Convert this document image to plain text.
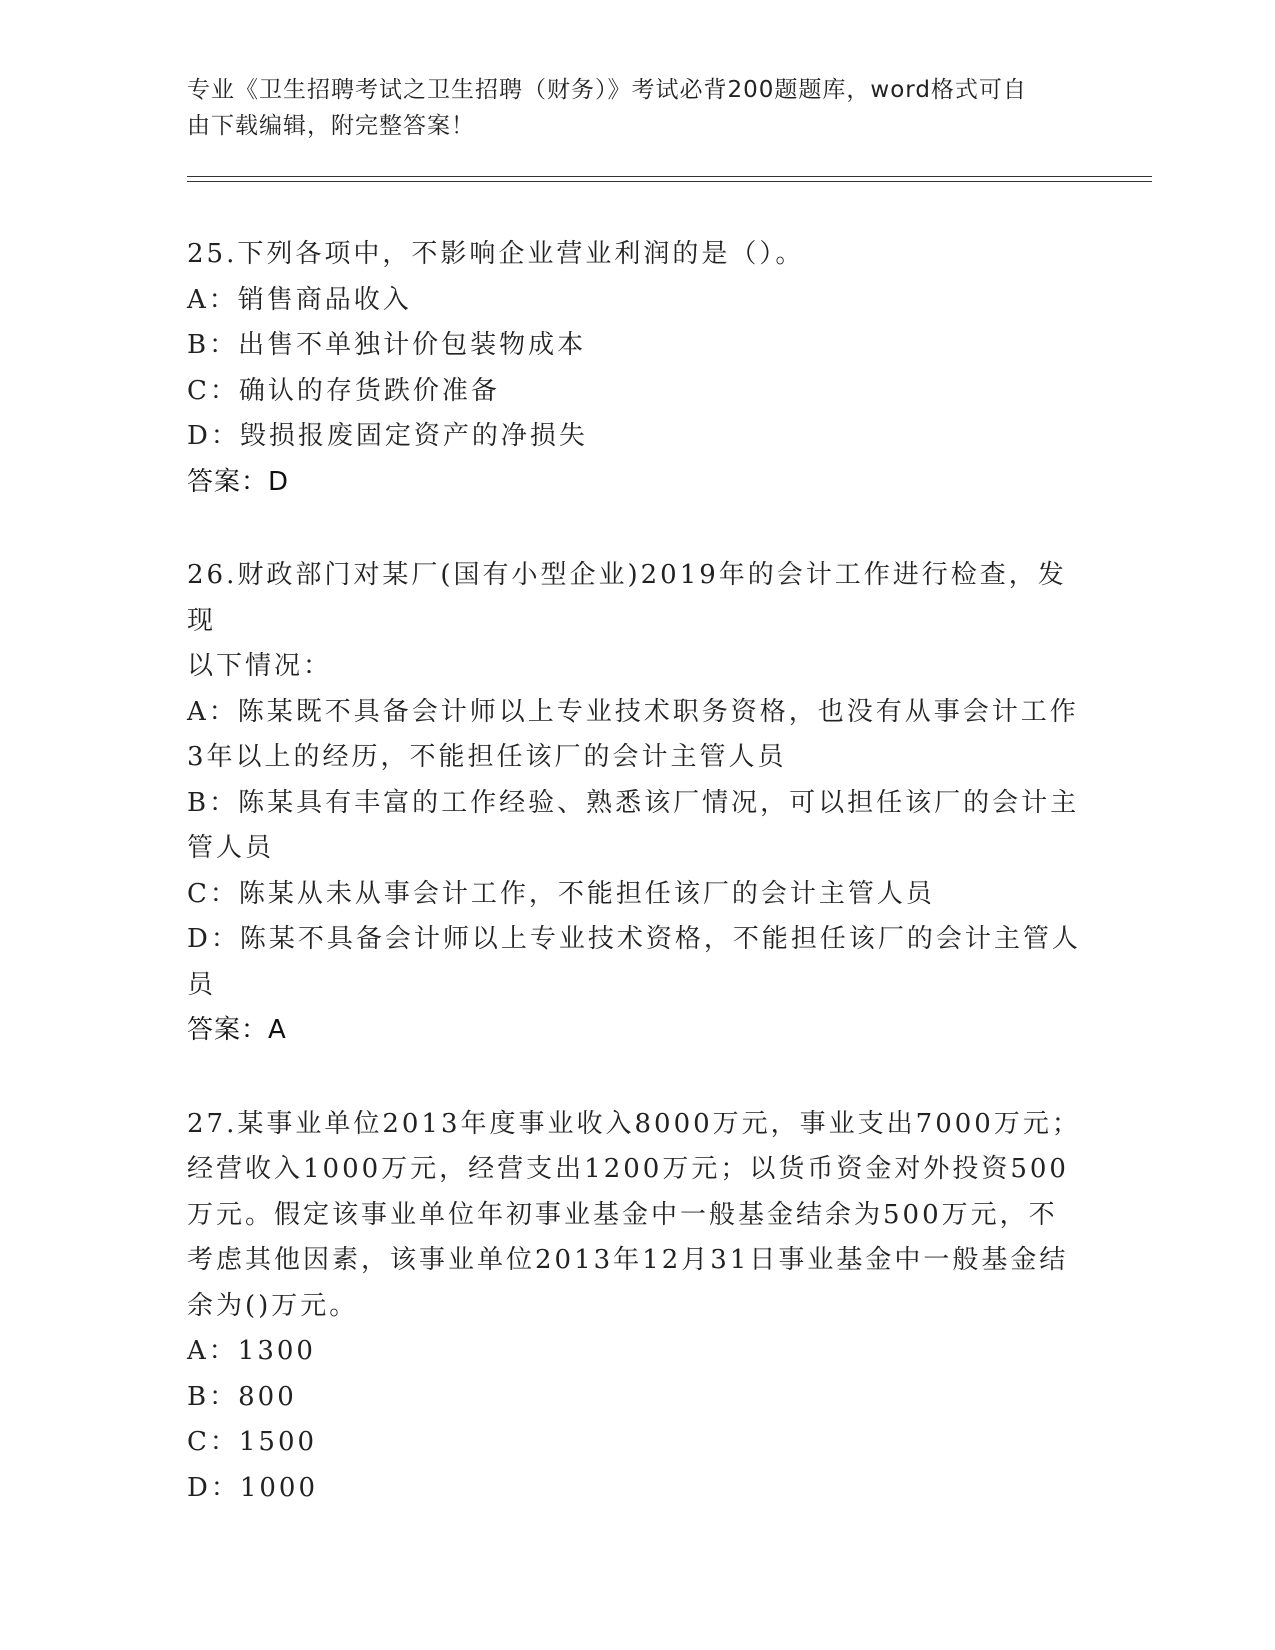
专业《卫生招聘考试之卫生招聘（财务）》考试必背200题题库，word格式可自
由下载编辑，附完整答案！
25.下列各项中，不影响企业营业利润的是（）。
A：销售商品收入
B：出售不单独计价包装物成本
C：确认的存货跌价准备
D：毁损报废固定资产的净损失
答案：D
26.财政部门对某厂(国有小型企业)2019年的会计工作进行检查，发现
以下情况：
A：陈某既不具备会计师以上专业技术职务资格，也没有从事会计工作
3年以上的经历，不能担任该厂的会计主管人员
B：陈某具有丰富的工作经验、熟悉该厂情况，可以担任该厂的会计主
管人员
C：陈某从未从事会计工作，不能担任该厂的会计主管人员
D：陈某不具备会计师以上专业技术资格，不能担任该厂的会计主管人
员
答案：A
27.某事业单位2013年度事业收入8000万元，事业支出7000万元；
经营收入1000万元，经营支出1200万元；以货币资金对外投资500
万元。假定该事业单位年初事业基金中一般基金结余为500万元，不
考虑其他因素，该事业单位2013年12月31日事业基金中一般基金结
余为()万元。
A：1300
B：800
C：1500
D：1000
